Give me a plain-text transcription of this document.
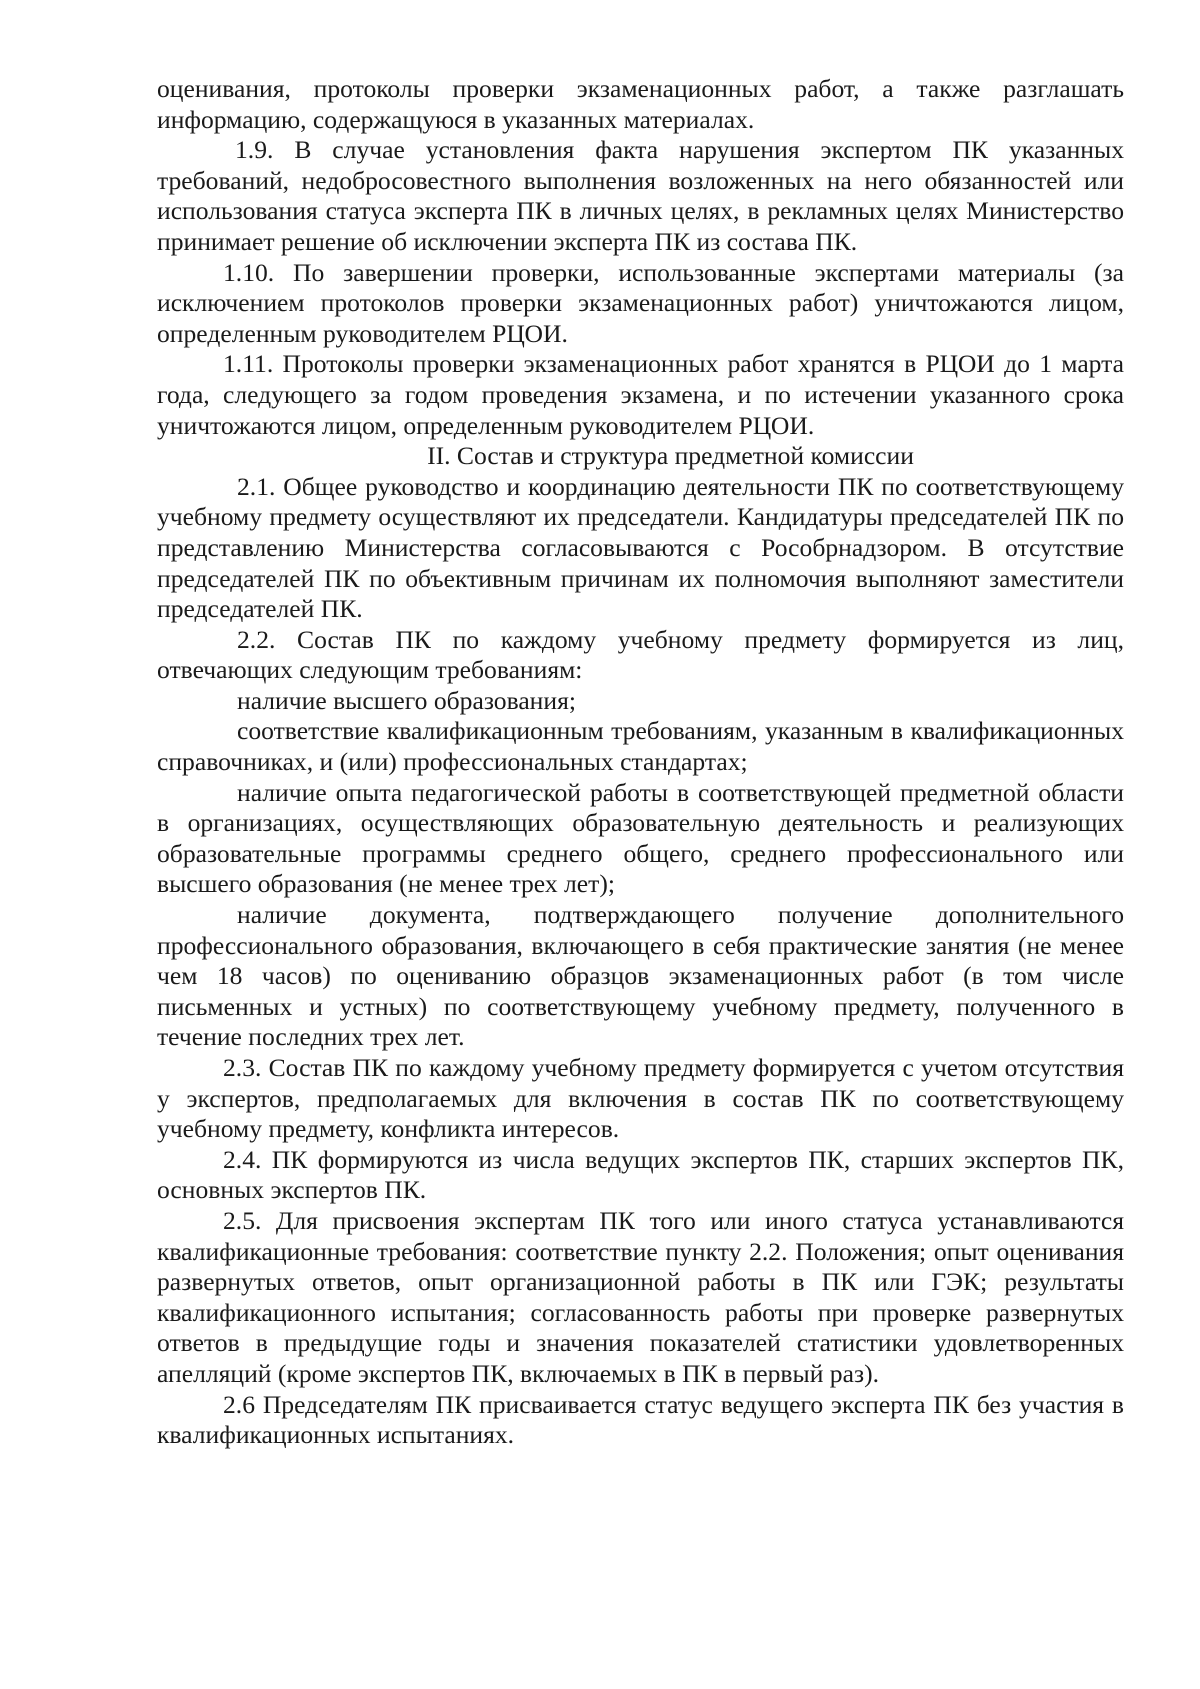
оценивания, протоколы проверки экзаменационных работ, а также разглашать информацию, содержащуюся в указанных материалах.

1.9. В случае установления факта нарушения экспертом ПК указанных требований, недобросовестного выполнения возложенных на него обязанностей или использования статуса эксперта ПК в личных целях, в рекламных целях Министерство принимает решение об исключении эксперта ПК из состава ПК.

1.10. По завершении проверки, использованные экспертами материалы (за исключением протоколов проверки экзаменационных работ) уничтожаются лицом, определенным руководителем РЦОИ.

1.11. Протоколы проверки экзаменационных работ хранятся в РЦОИ до 1 марта года, следующего за годом проведения экзамена, и по истечении указанного срока уничтожаются лицом, определенным руководителем РЦОИ.

II. Состав и структура предметной комиссии

2.1. Общее руководство и координацию деятельности ПК по соответствующему учебному предмету осуществляют их председатели. Кандидатуры председателей ПК по представлению Министерства согласовываются с Рособрнадзором. В отсутствие председателей ПК по объективным причинам их полномочия выполняют заместители председателей ПК.

2.2. Состав ПК по каждому учебному предмету формируется из лиц, отвечающих следующим требованиям:

наличие высшего образования;

соответствие квалификационным требованиям, указанным в квалификационных справочниках, и (или) профессиональных стандартах;

наличие опыта педагогической работы в соответствующей предметной области в организациях, осуществляющих образовательную деятельность и реализующих образовательные программы среднего общего, среднего профессионального или высшего образования (не менее трех лет);

наличие документа, подтверждающего получение дополнительного профессионального образования, включающего в себя практические занятия (не менее чем 18 часов) по оцениванию образцов экзаменационных работ (в том числе письменных и устных) по соответствующему учебному предмету, полученного в течение последних трех лет.

2.3. Состав ПК по каждому учебному предмету формируется с учетом отсутствия у экспертов, предполагаемых для включения в состав ПК по соответствующему учебному предмету, конфликта интересов.

2.4. ПК формируются из числа ведущих экспертов ПК, старших экспертов ПК, основных экспертов ПК.

2.5. Для присвоения экспертам ПК того или иного статуса устанавливаются квалификационные требования: соответствие пункту 2.2. Положения; опыт оценивания развернутых ответов, опыт организационной работы в ПК или ГЭК; результаты квалификационного испытания; согласованность работы при проверке развернутых ответов в предыдущие годы и значения показателей статистики удовлетворенных апелляций (кроме экспертов ПК, включаемых в ПК в первый раз).

2.6 Председателям ПК присваивается статус ведущего эксперта ПК без участия в квалификационных испытаниях.
